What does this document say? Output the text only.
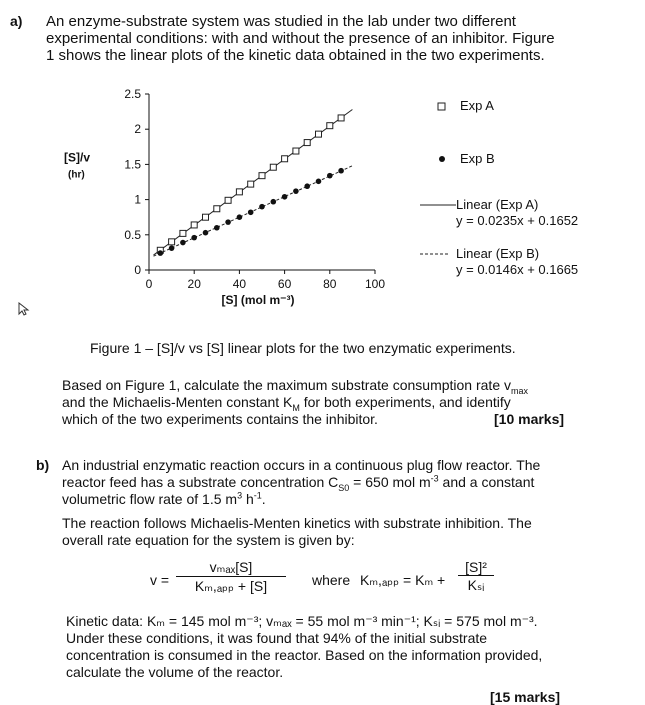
a) An enzyme-substrate system was studied in the lab under two different
experimental conditions: with and without the presence of an inhibitor. Figure
1 shows the linear plots of the kinetic data obtained in the two experiments.
0
0.5
1
1.5
2
2.5
0	20	40	60	80 100
[S] (mol m⁻³)
[S]/v
(hr)
Exp A
Exp B
Linear (Exp A)
y = 0.0235x + 0.1652
Linear (Exp B)
y = 0.0146x + 0.1665
Figure 1 – [S]/v vs [S] linear plots for the two enzymatic experiments.
Based on Figure 1, calculate the maximum substrate consumption rate $v_{max}$
and the Michaelis-Menten constant $K_M$ for both experiments, and identify
which of the two experiments contains the inhibitor.	[10 marks]
b) An industrial enzymatic reaction occurs in a continuous plug flow reactor. The
reactor feed has a substrate concentration $C_{S0} = 650$ mol $m^{-3}$ and a constant
volumetric flow rate of 1.5 $m^3$ $h^{-1}$.
The reaction follows Michaelis-Menten kinetics with substrate inhibition. The
overall rate equation for the system is given by:
v =
vₘₐₓ[S]
Kₘ,ₐₚₚ + [S]	where Kₘ,ₐₚₚ = Kₘ +
[S]²
Kₛᵢ
Kinetic data: Kₘ = 145 mol m⁻³; vₘₐₓ = 55 mol m⁻³ min⁻¹; Kₛᵢ = 575 mol m⁻³.
Under these conditions, it was found that 94% of the initial substrate
concentration is consumed in the reactor. Based on the information provided,
calculate the volume of the reactor.
[15 marks]
